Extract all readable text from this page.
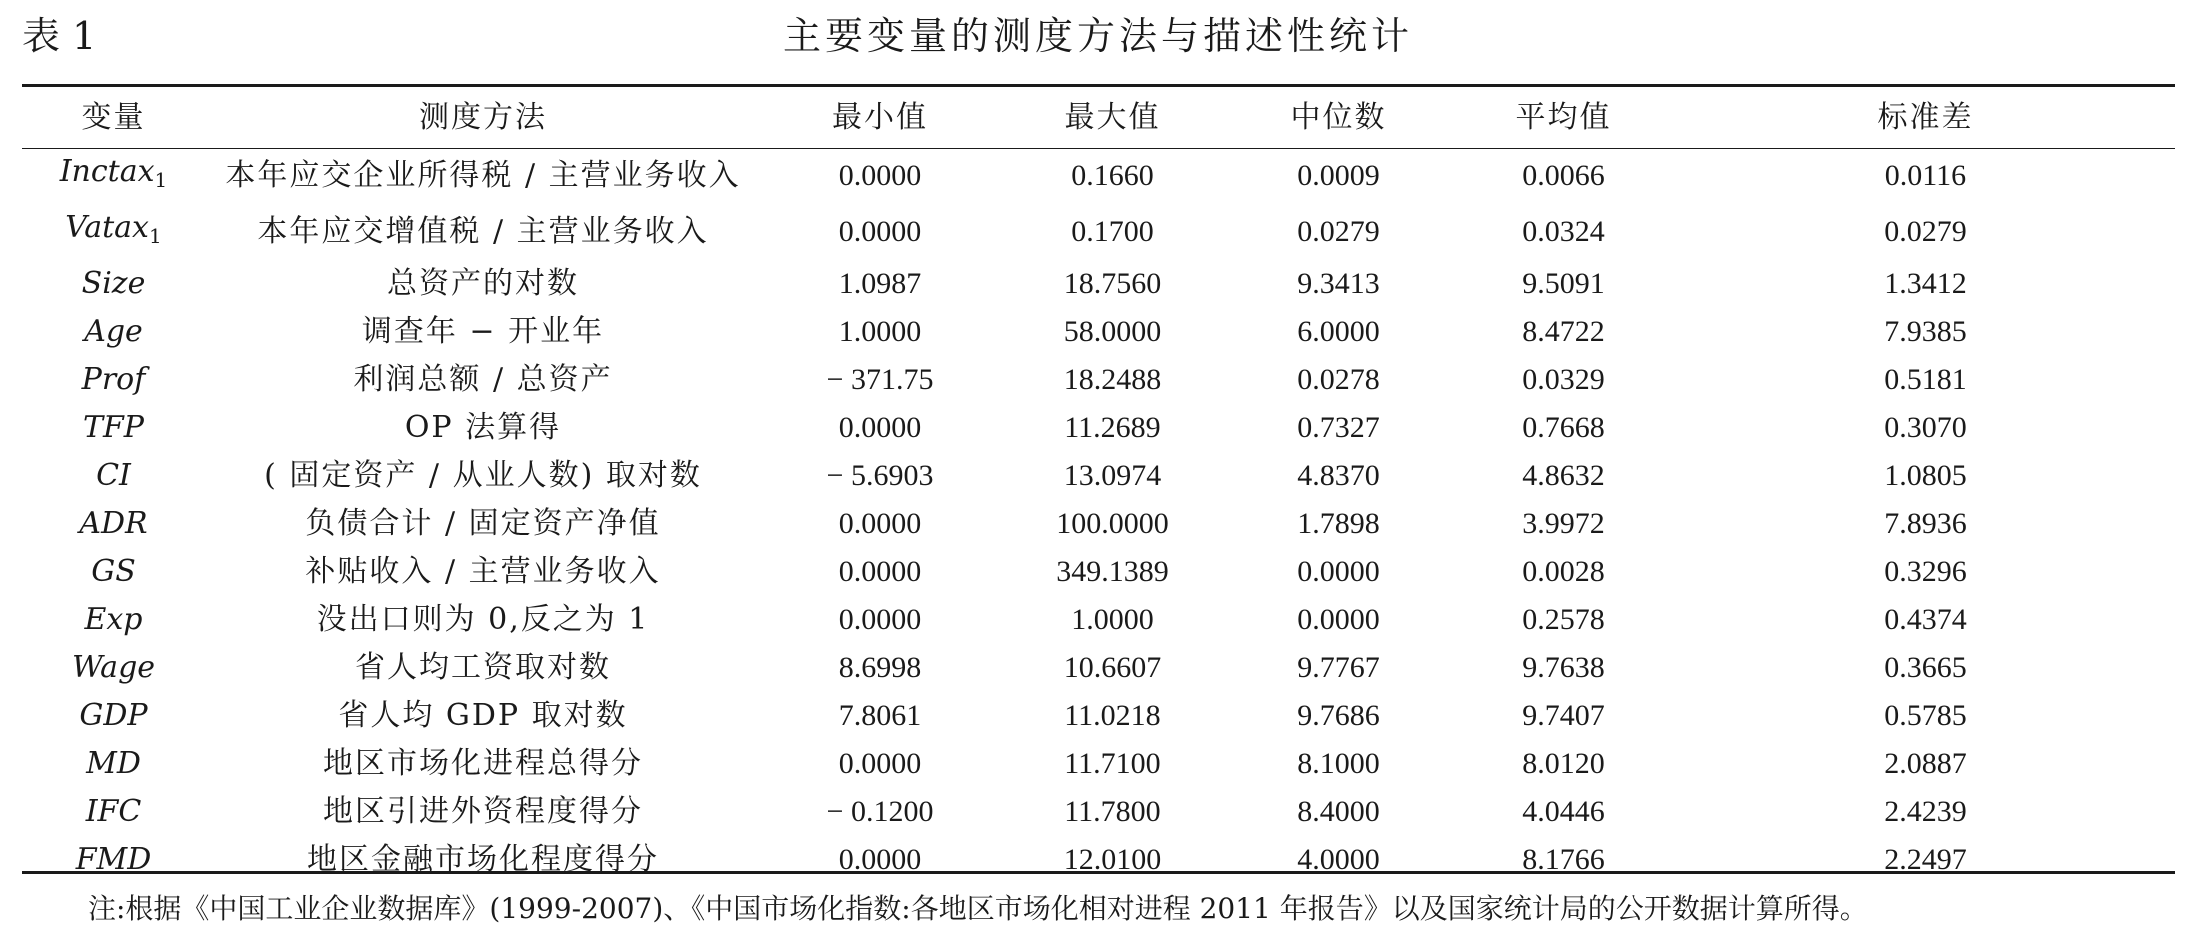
表 1	主要变量的测度方法与描述性统计
变量	测度方法	最小值	最大值	中位数	平均值	标准差
Inctax$_1$	本年应交企业所得税 / 主营业务收入	0.0000	0.1660	0.0009	0.0066	0.0116
Vatax$_1$	本年应交增值税 / 主营业务收入	0.0000	0.1700	0.0279	0.0324	0.0279
Size	总资产的对数	1.0987	18.7560	9.3413	9.5091	1.3412
Age	调查年 − 开业年	1.0000	58.0000	6.0000	8.4722	7.9385
Prof	利润总额 / 总资产	− 371.75	18.2488	0.0278	0.0329	0.5181
TFP	OP 法算得	0.0000	11.2689	0.7327	0.7668	0.3070
CI	( 固定资产 / 从业人数) 取对数	− 5.6903	13.0974	4.8370	4.8632	1.0805
ADR	负债合计 / 固定资产净值	0.0000	100.0000	1.7898	3.9972	7.8936
GS	补贴收入 / 主营业务收入	0.0000	349.1389	0.0000	0.0028	0.3296
Exp	没出口则为 0,反之为 1	0.0000	1.0000	0.0000	0.2578	0.4374
Wage	省人均工资取对数	8.6998	10.6607	9.7767	9.7638	0.3665
GDP	省人均 GDP 取对数	7.8061	11.0218	9.7686	9.7407	0.5785
MD	地区市场化进程总得分	0.0000	11.7100	8.1000	8.0120	2.0887
IFC	地区引进外资程度得分	− 0.1200	11.7800	8.4000	4.0446	2.4239
FMD	地区金融市场化程度得分	0.0000	12.0100	4.0000	8.1766	2.2497
注:根据《中国工业企业数据库》(1999-2007)、《中国市场化指数:各地区市场化相对进程 2011 年报告》以及国家统计局的公开数据计算所得。
